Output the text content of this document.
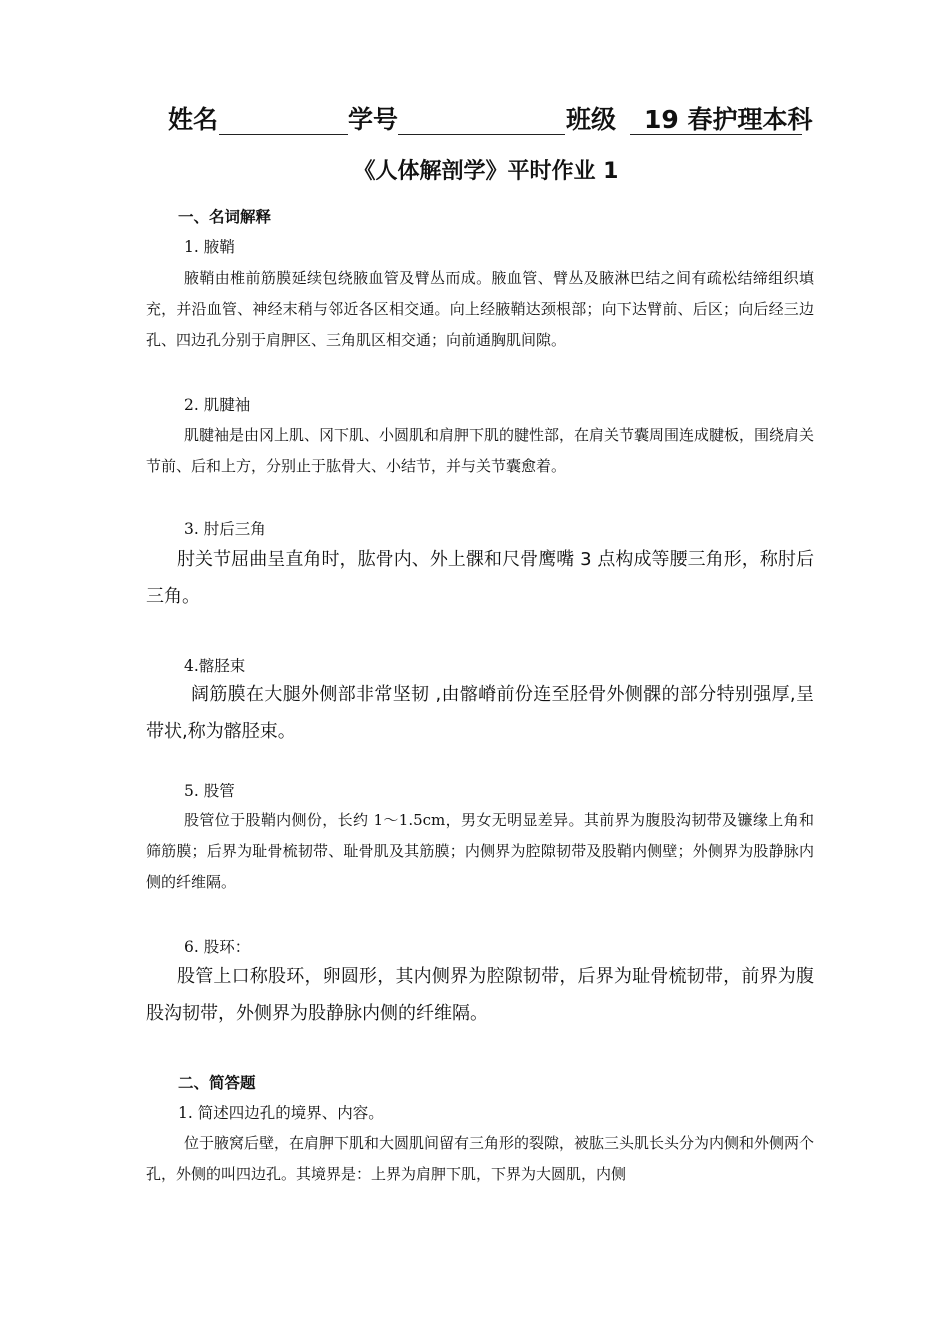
姓名	学号	班级 19 春护理本科
《人体解剖学》平时作业 1
一、名词解释
1. 腋鞘
腋鞘由椎前筋膜延续包绕腋血管及臂丛而成。腋血管、臂丛及腋淋巴结之间有疏松结缔组织填充，并沿血管、神经末稍与邻近各区相交通。向上经腋鞘达颈根部；向下达臂前、后区；向后经三边孔、四边孔分别于肩胛区、三角肌区相交通；向前通胸肌间隙。
2. 肌腱袖
肌腱袖是由冈上肌、冈下肌、小圆肌和肩胛下肌的腱性部，在肩关节囊周围连成腱板，围绕肩关节前、后和上方，分别止于肱骨大、小结节，并与关节囊愈着。
3. 肘后三角
肘关节屈曲呈直角时，肱骨内、外上髁和尺骨鹰嘴 3 点构成等腰三角形，称肘后三角。
4.髂胫束
阔筋膜在大腿外侧部非常坚韧 ,由髂嵴前份连至胫骨外侧髁的部分特别强厚,呈带状,称为髂胫束。
5. 股管
股管位于股鞘内侧份，长约 1～1.5cm，男女无明显差异。其前界为腹股沟韧带及镰缘上角和筛筋膜；后界为耻骨梳韧带、耻骨肌及其筋膜；内侧界为腔隙韧带及股鞘内侧壁；外侧界为股静脉内侧的纤维隔。
6. 股环：
股管上口称股环，卵圆形，其内侧界为腔隙韧带，后界为耻骨梳韧带，前界为腹股沟韧带，外侧界为股静脉内侧的纤维隔。
二、简答题
1. 简述四边孔的境界、内容。
位于腋窝后壁，在肩胛下肌和大圆肌间留有三角形的裂隙，被肱三头肌长头分为内侧和外侧两个孔，外侧的叫四边孔。其境界是：上界为肩胛下肌，下界为大圆肌，内侧
